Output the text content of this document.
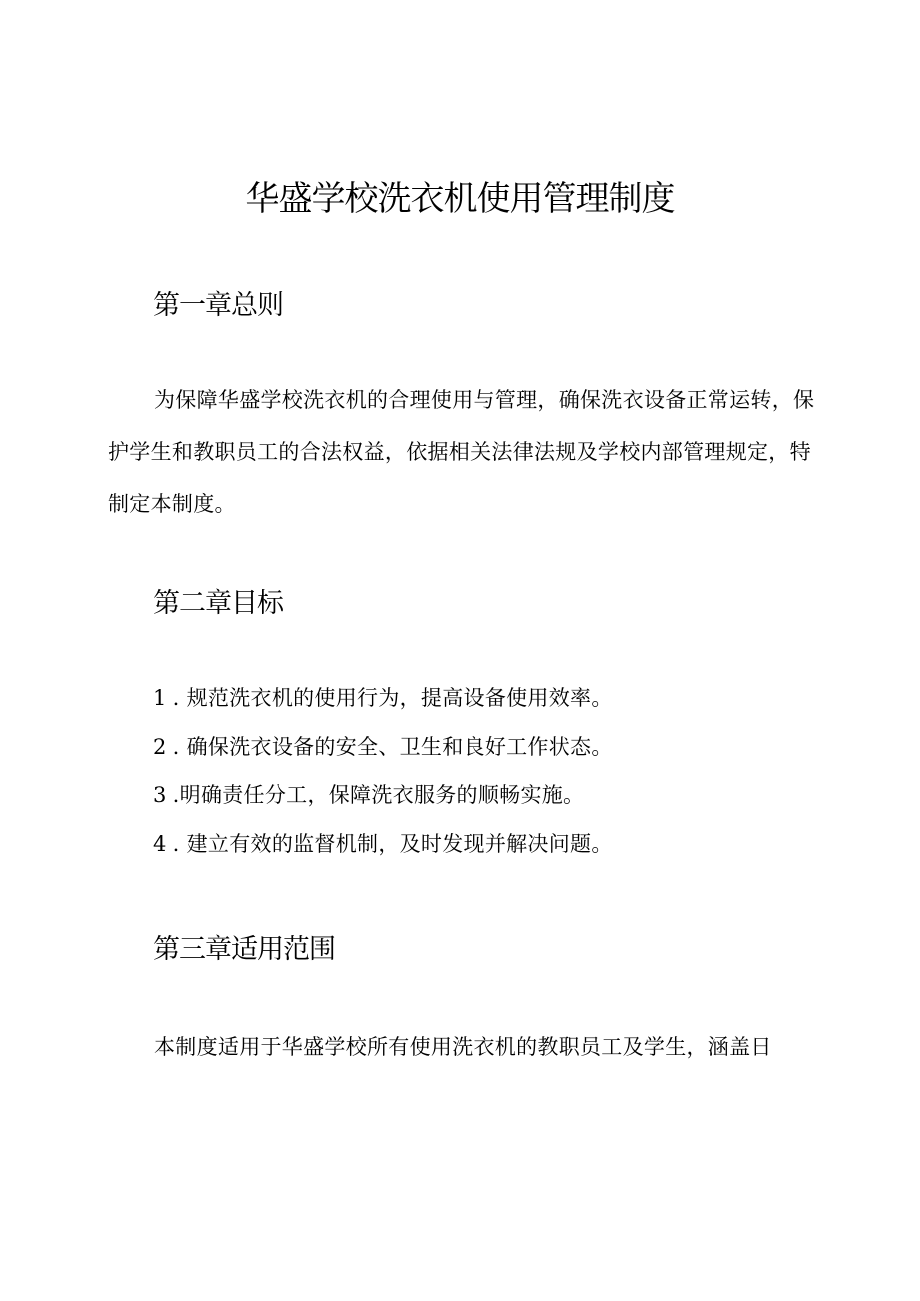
华盛学校洗衣机使用管理制度
第一章总则

为保障华盛学校洗衣机的合理使用与管理，确保洗衣设备正常运转，保护学生和教职员工的合法权益，依据相关法律法规及学校内部管理规定，特制定本制度。

第二章目标
1 . 规范洗衣机的使用行为，提高设备使用效率。
2 . 确保洗衣设备的安全、卫生和良好工作状态。
3 .明确责任分工，保障洗衣服务的顺畅实施。
4 . 建立有效的监督机制，及时发现并解决问题。
第三章适用范围

本制度适用于华盛学校所有使用洗衣机的教职员工及学生，涵盖日
